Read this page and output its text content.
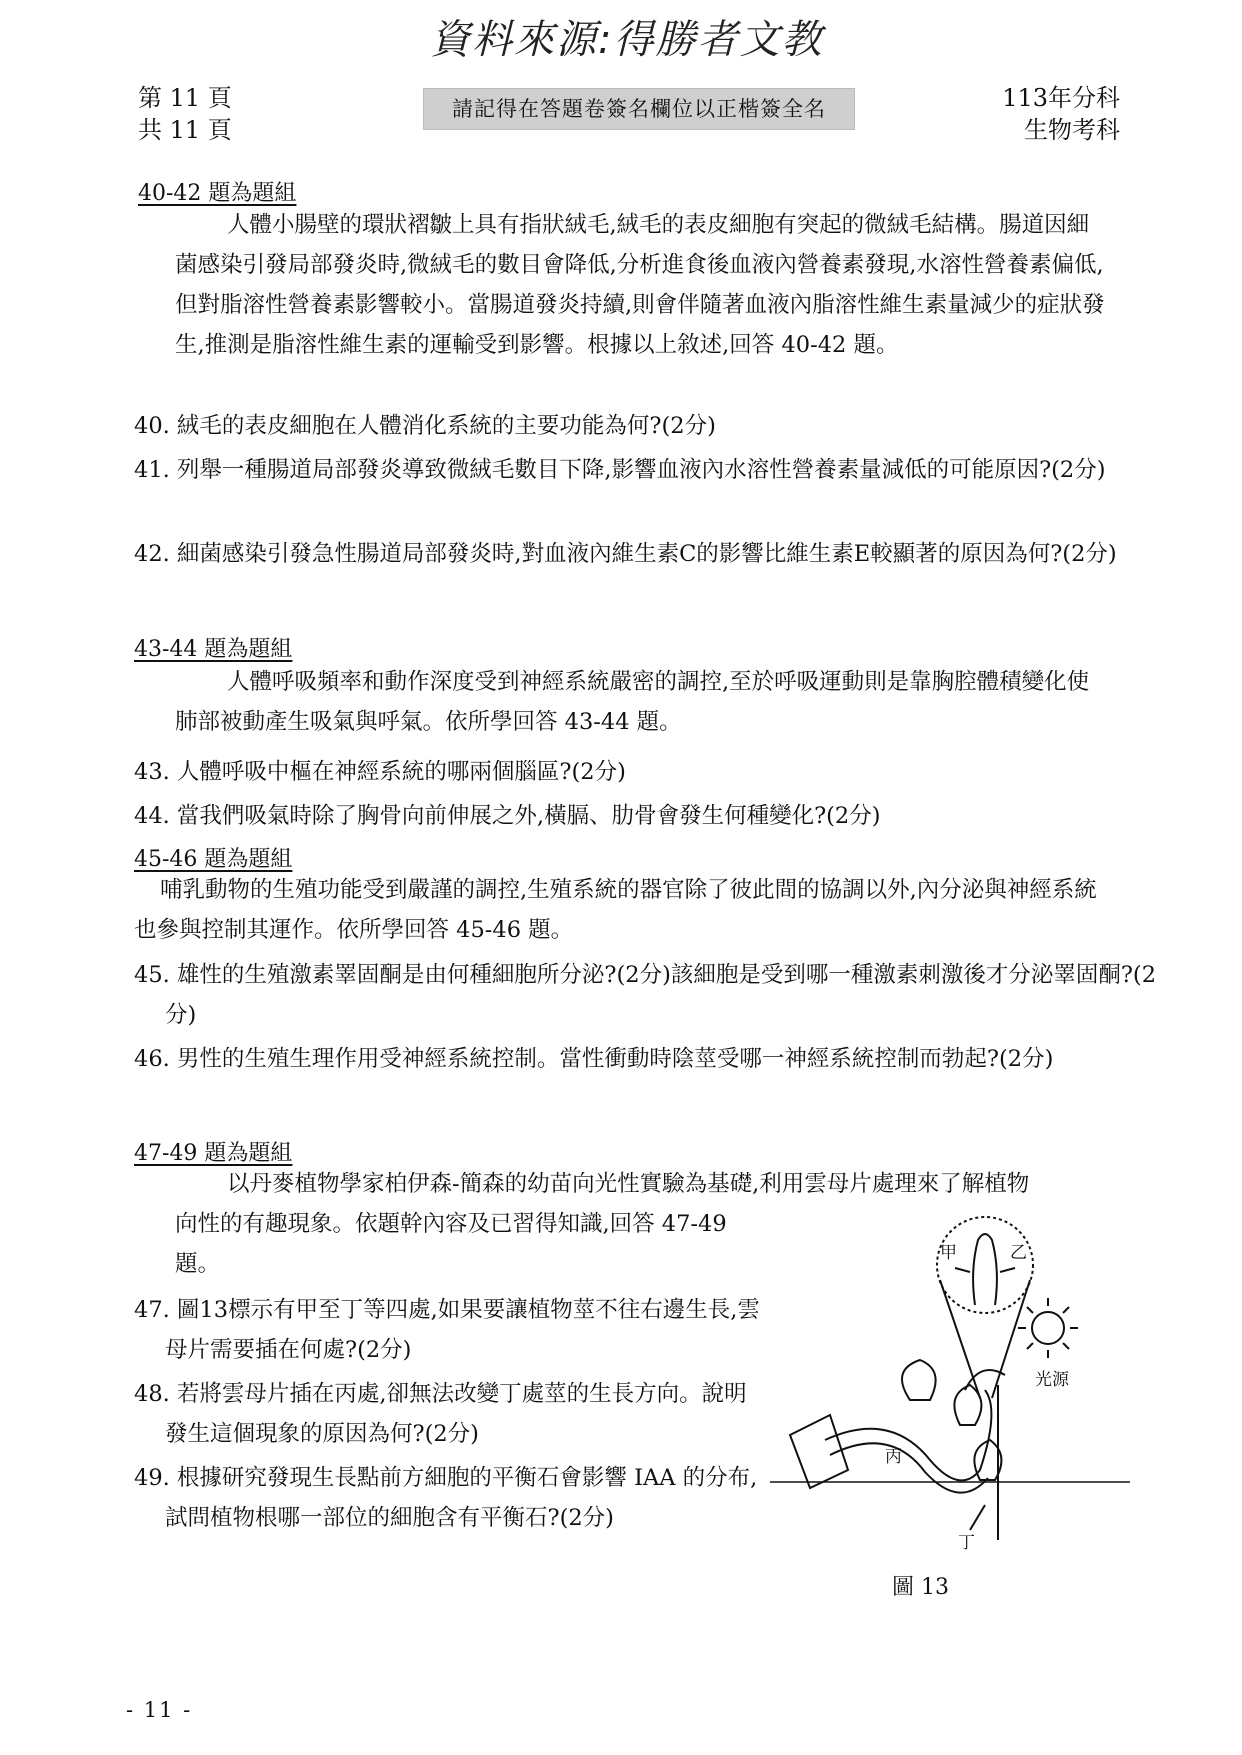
資料來源:得勝者文教
第 11 頁
共 11 頁
請記得在答題卷簽名欄位以正楷簽全名	113年分科
生物考科
40-42 題為題組
人體小腸壁的環狀褶皺上具有指狀絨毛,絨毛的表皮細胞有突起的微絨毛結構。腸道因細菌感染引發局部發炎時,微絨毛的數目會降低,分析進食後血液內營養素發現,水溶性營養素偏低,但對脂溶性營養素影響較小。當腸道發炎持續,則會伴隨著血液內脂溶性維生素量減少的症狀發生,推測是脂溶性維生素的運輸受到影響。根據以上敘述,回答 40-42 題。
40. 絨毛的表皮細胞在人體消化系統的主要功能為何?(2分)
41. 列舉一種腸道局部發炎導致微絨毛數目下降,影響血液內水溶性營養素量減低的可能原因?(2分)
42. 細菌感染引發急性腸道局部發炎時,對血液內維生素C的影響比維生素E較顯著的原因為何?(2分)
43-44 題為題組
人體呼吸頻率和動作深度受到神經系統嚴密的調控,至於呼吸運動則是靠胸腔體積變化使肺部被動產生吸氣與呼氣。依所學回答 43-44 題。
43. 人體呼吸中樞在神經系統的哪兩個腦區?(2分)
44. 當我們吸氣時除了胸骨向前伸展之外,橫膈、肋骨會發生何種變化?(2分)
45-46 題為題組
哺乳動物的生殖功能受到嚴謹的調控,生殖系統的器官除了彼此間的協調以外,內分泌與神經系統也參與控制其運作。依所學回答 45-46 題。
45. 雄性的生殖激素睪固酮是由何種細胞所分泌?(2分)該細胞是受到哪一種激素刺激後才分泌睪固酮?(2分)
46. 男性的生殖生理作用受神經系統控制。當性衝動時陰莖受哪一神經系統控制而勃起?(2分)
47-49 題為題組

以丹麥植物學家柏伊森-簡森的幼苗向光性實驗為基礎,利用雲母片處理來了解植物

向性的有趣現象。依題幹內容及已習得知識,回答 47-49 題。

47. 圖13標示有甲至丁等四處,如果要讓植物莖不往右邊生長,雲母片需要插在何處?(2分)
48. 若將雲母片插在丙處,卻無法改變丁處莖的生長方向。說明發生這個現象的原因為何?(2分)
49. 根據研究發現生長點前方細胞的平衡石會影響 IAA 的分布,試問植物根哪一部位的細胞含有平衡石?(2分)
甲	乙
丙
丁
光源
圖 13
- 11 -
